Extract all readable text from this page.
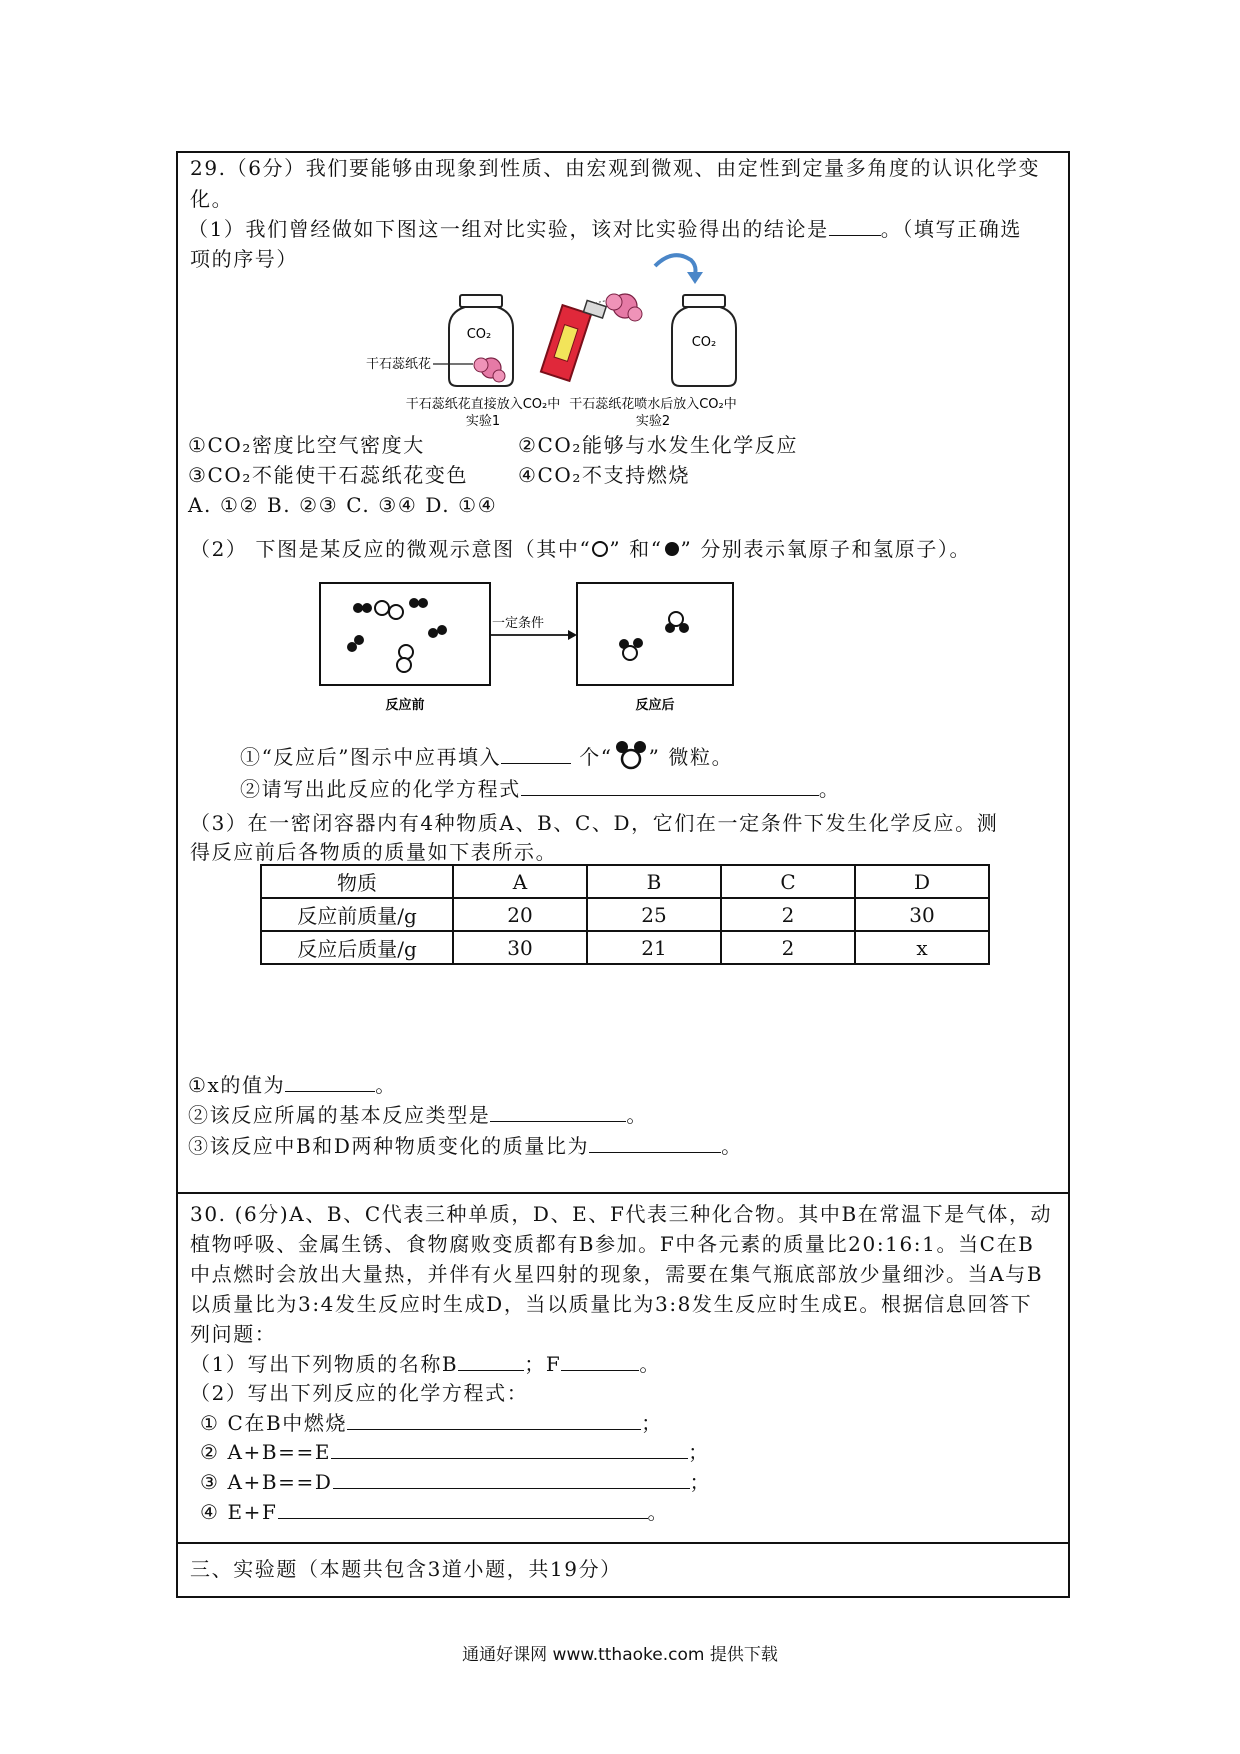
29.（6分）我们要能够由现象到性质、由宏观到微观、由定性到定量多角度的认识化学变
化。
（1）我们曾经做如下图这一组对比实验，该对比实验得出的结论是	。（填写正确选
项的序号）
CO₂
干石蕊纸花
干石蕊纸花直接放入CO₂中
实验1
CO₂
干石蕊纸花喷水后放入CO₂中
实验2
①CO₂密度比空气密度大	②CO₂能够与水发生化学反应
③CO₂不能使干石蕊纸花变色 ④CO₂不支持燃烧
A. ①② B. ②③ C. ③④ D. ①④
（2） 下图是某反应的微观示意图（其中“ ” 和“ ” 分别表示氧原子和氢原子）。
一定条件
反应前	反应后
①“反应后”图示中应再填入	个“ ” 微粒。
②请写出此反应的化学方程式	。
（3）在一密闭容器内有4种物质A、B、C、D，它们在一定条件下发生化学反应。测
得反应前后各物质的质量如下表所示。
物质	A	B	C	D
反应前质量/g	20	25	2	30
反应后质量/g	30	21	2	x
①x的值为	。
②该反应所属的基本反应类型是	。
③该反应中B和D两种物质变化的质量比为	。
30. (6分)A、B、C代表三种单质，D、E、F代表三种化合物。其中B在常温下是气体，动
植物呼吸、金属生锈、食物腐败变质都有B参加。F中各元素的质量比20:16:1。当C在B
中点燃时会放出大量热，并伴有火星四射的现象，需要在集气瓶底部放少量细沙。当A与B
以质量比为3:4发生反应时生成D，当以质量比为3:8发生反应时生成E。根据信息回答下
列问题：
（1）写出下列物质的名称B	；F	。
（2）写出下列反应的化学方程式：
① C在B中燃烧	；
② A+B==E	；
③ A+B==D	；
④ E+F	。
三、实验题（本题共包含3道小题，共19分）
通通好课网 www.tthaoke.com 提供下载
